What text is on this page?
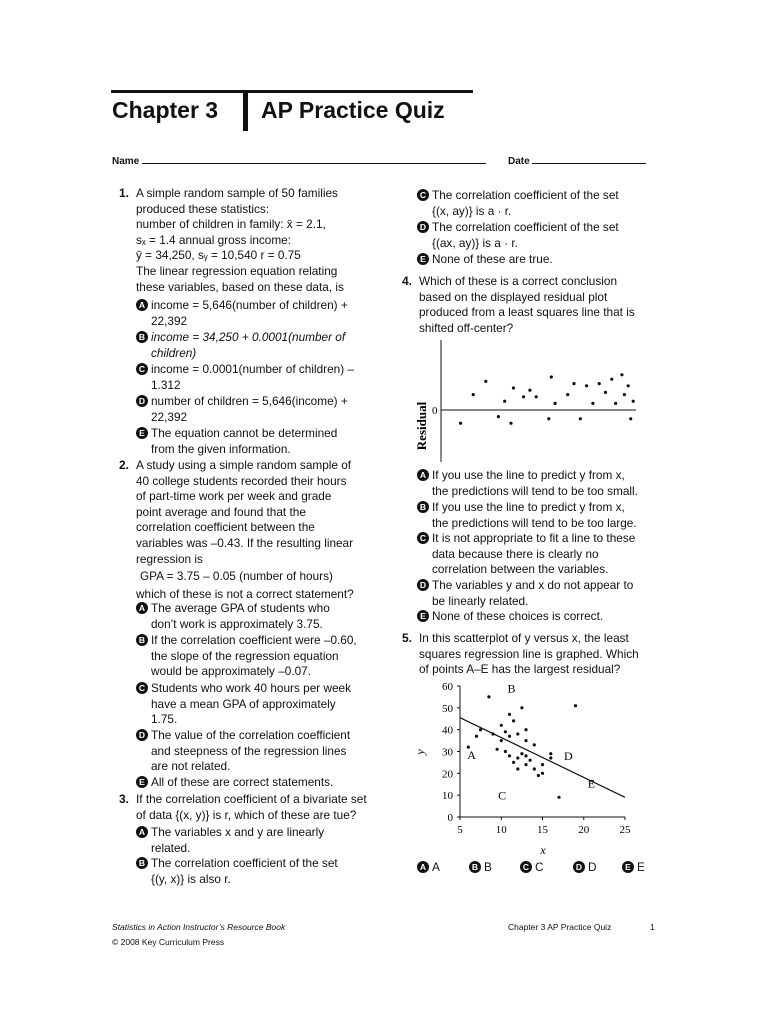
Chapter 3 AP Practice Quiz
Name	Date
1. A simple random sample of 50 families
produced these statistics:
number of children in family: x̄ = 2.1,
sₓ = 1.4 annual gross income:
ȳ = 34,250, sᵧ = 10,540 r = 0.75
The linear regression equation relating
these variables, based on these data, is
A income = 5,646(number of children) +
22,392
B income = 34,250 + 0.0001(number of
children)
C income = 0.0001(number of children) –
1.312
D number of children = 5,646(income) +
22,392
E The equation cannot be determined
from the given information.
2. A study using a simple random sample of
40 college students recorded their hours
of part-time work per week and grade
point average and found that the
correlation coefficient between the
variables was –0.43. If the resulting linear
regression is
GPA = 3.75 – 0.05 (number of hours)
which of these is not a correct statement?
A The average GPA of students who
don’t work is approximately 3.75.
B If the correlation coefficient were –0.60,
the slope of the regression equation
would be approximately –0.07.
C Students who work 40 hours per week
have a mean GPA of approximately
1.75.
D The value of the correlation coefficient
and steepness of the regression lines
are not related.
E All of these are correct statements.
3. If the correlation coefficient of a bivariate set
of data {(x, y)} is r, which of these are tue?
A The variables x and y are linearly
related.
B The correlation coefficient of the set
{(y, x)} is also r.
C The correlation coefficient of the set
{(x, ay)} is a · r.
D The correlation coefficient of the set
{(ax, ay)} is a · r.
E None of these are true.
4. Which of these is a correct conclusion
based on the displayed residual plot
produced from a least squares line that is
shifted off-center?
Residual 0
A If you use the line to predict y from x,
the predictions will tend to be too small.
B If you use the line to predict y from x,
the predictions will tend to be too large.
C It is not appropriate to fit a line to these
data because there is clearly no
correlation between the variables.
D The variables y and x do not appear to
be linearly related.
E None of these choices is correct.
5. In this scatterplot of y versus x, the least
squares regression line is graphed. Which
of points A–E has the largest residual?
0
10
20
30
40
50
60
5	10	15	20	25
A
B
C
D
E
x
y
A A	B B	C C	D D	E E
Statistics in Action Instructor’s Resource Book
© 2008 Key Curriculum Press
Chapter 3 AP Practice Quiz	1
